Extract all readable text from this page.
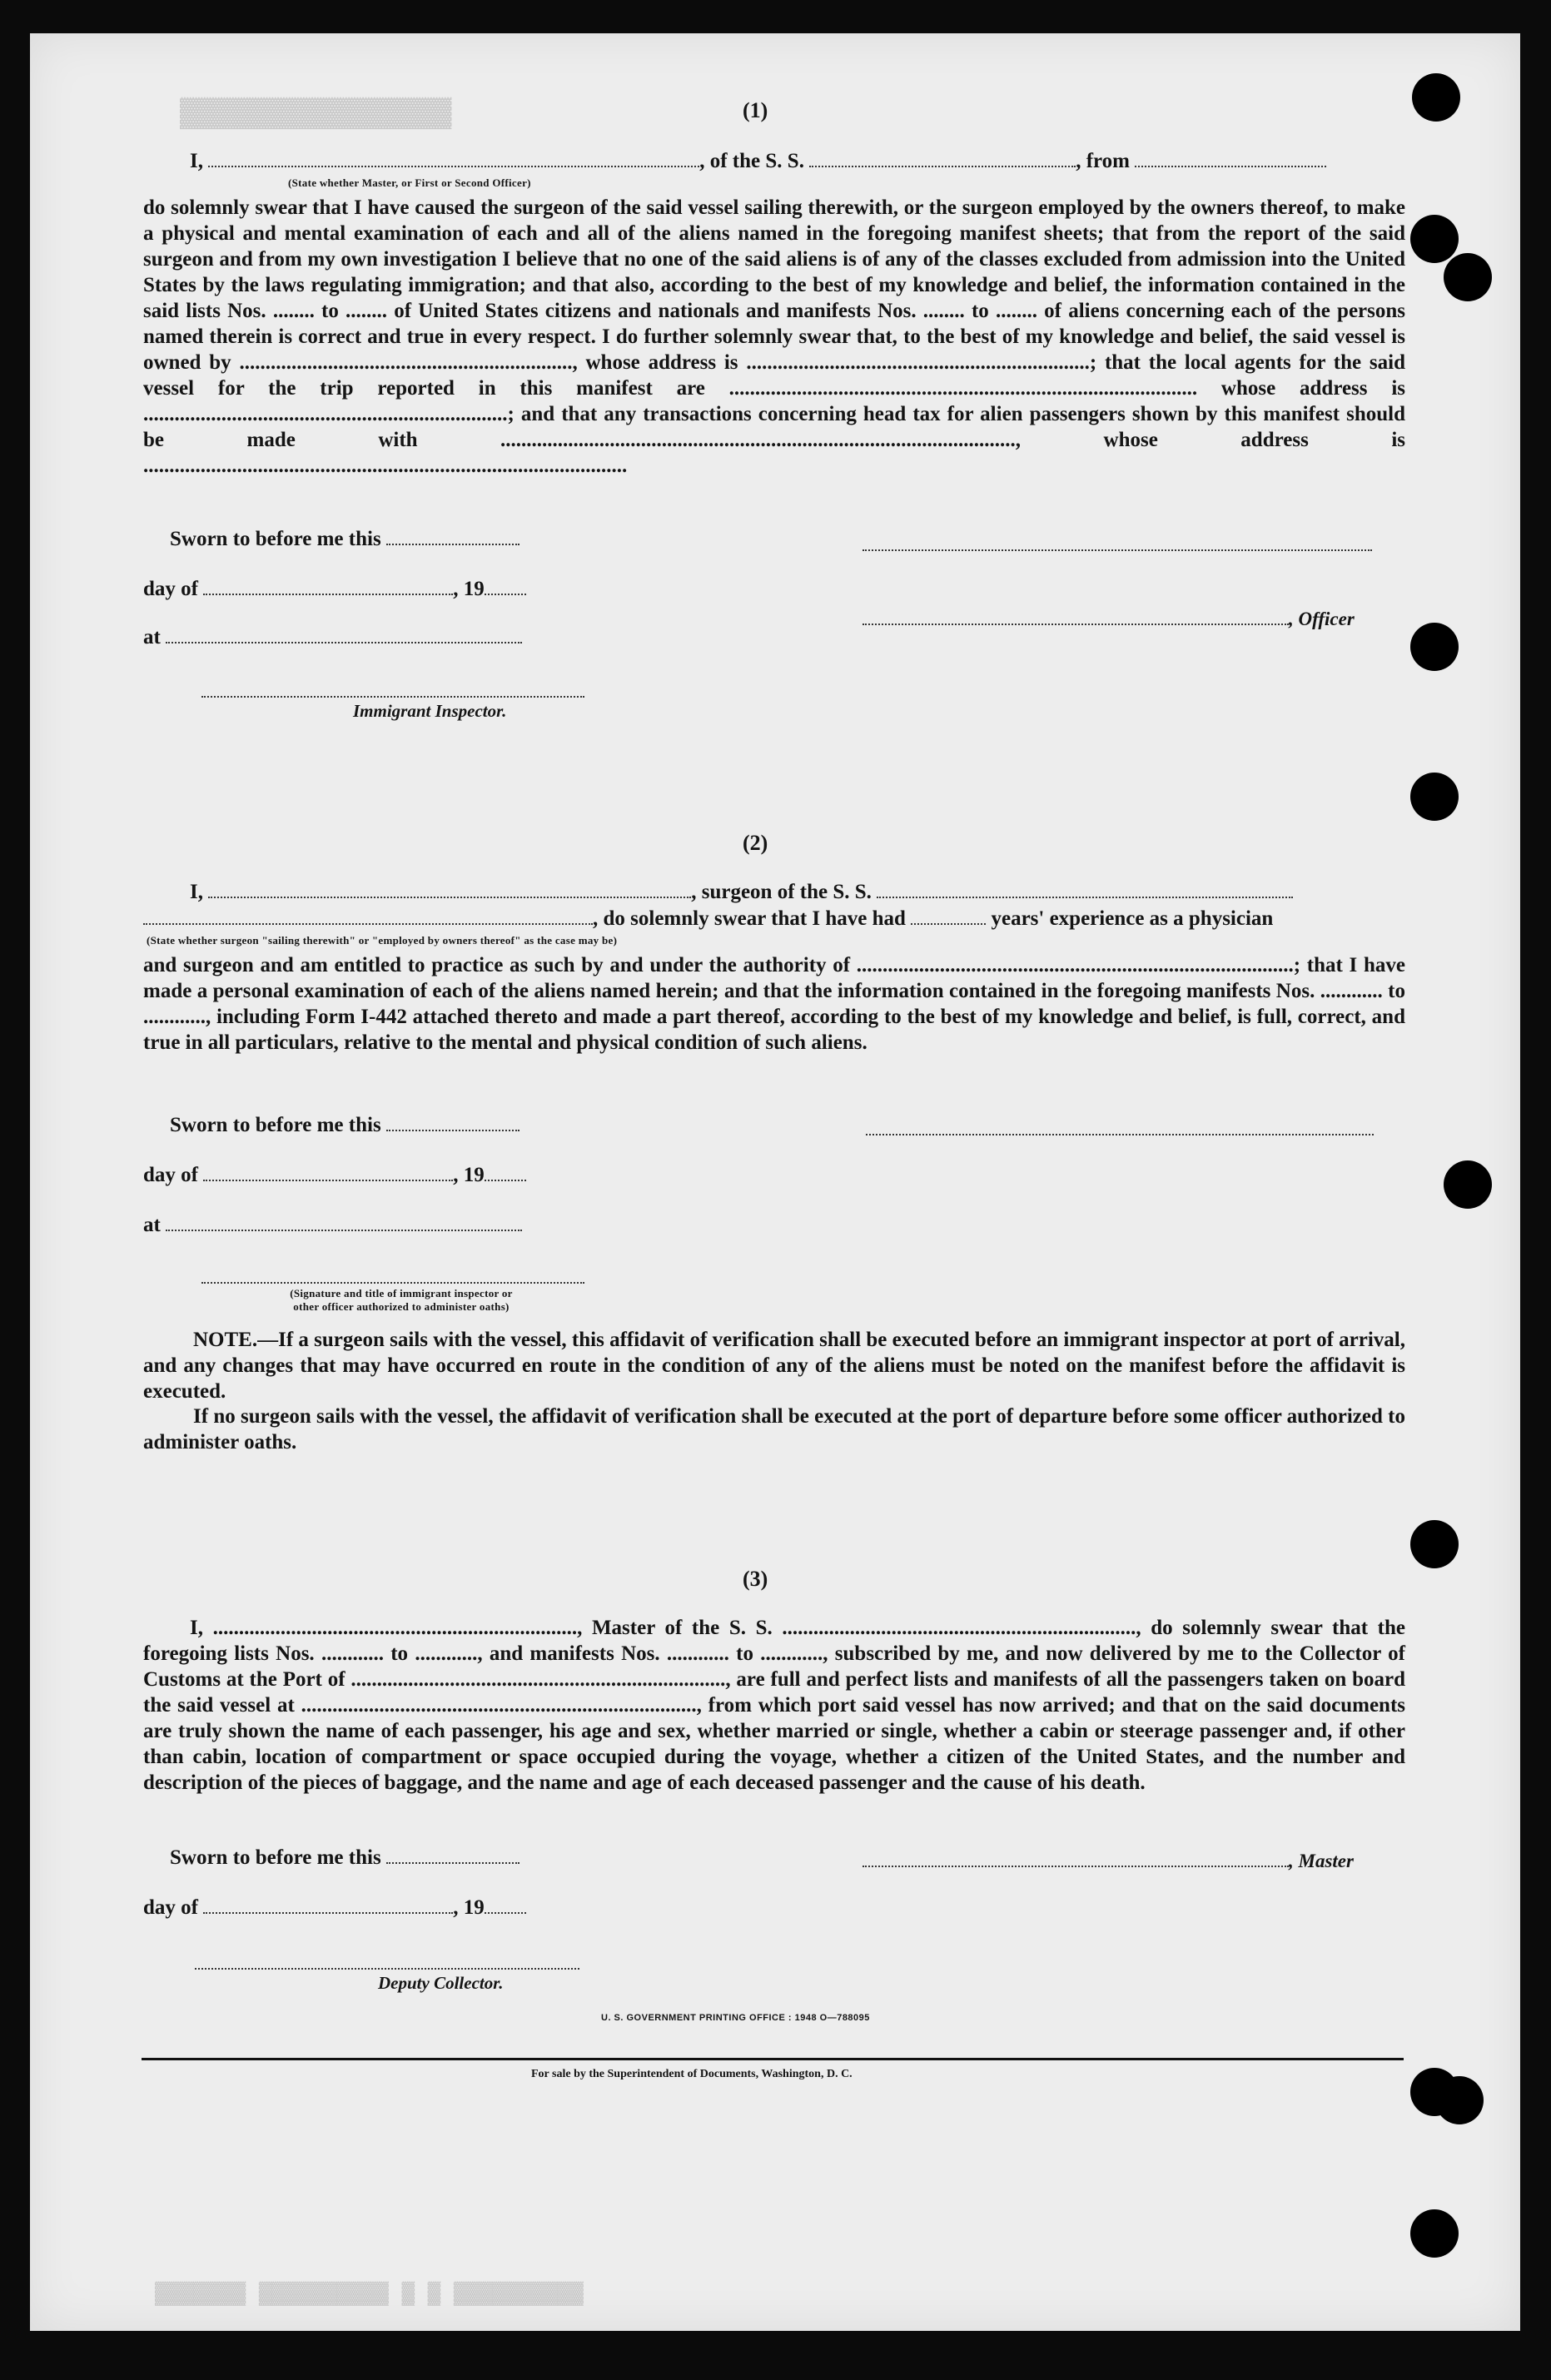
▓▓▓▓▓▓▓▓▓▓▓▓▓▓▓▓	(1)
I,	, of the S. S.	, from
(State whether Master, or First or Second Officer)
do solemnly swear that I have caused the surgeon of the said vessel sailing therewith, or the surgeon employed by the owners thereof, to make a physical and mental examination of each and all of the aliens named in the foregoing manifest sheets; that from the report of the said surgeon and from my own investigation I believe that no one of the said aliens is of any of the classes excluded from admission into the United States by the laws regulating immigration; and that also, according to the best of my knowledge and belief, the information contained in the said lists Nos. ........ to ........ of United States citizens and nationals and manifests Nos. ........ to ........ of aliens concerning each of the persons named therein is correct and true in every respect. I do further solemnly swear that, to the best of my knowledge and belief, the said vessel is owned by ................................................................, whose address is ..................................................................; that the local agents for the said vessel for the trip reported in this manifest are .......................................................................................... whose address is ......................................................................; and that any transactions concerning head tax for alien passengers shown by this manifest should be made with ..................................................................................................., whose address is .............................................................................................
Sworn to before me this
day of	, 19
, Officer
at
Immigrant Inspector.
(2)
I,	, surgeon of the S. S.
, do solemnly swear that I have had	years' experience as a physician
(State whether surgeon "sailing therewith" or "employed by owners thereof" as the case may be)
and surgeon and am entitled to practice as such by and under the authority of ....................................................................................; that I have made a personal examination of each of the aliens named herein; and that the information contained in the foregoing manifests Nos. ............ to ............, including Form I-442 attached thereto and made a part thereof, according to the best of my knowledge and belief, is full, correct, and true in all particulars, relative to the mental and physical condition of such aliens.
Sworn to before me this
day of	, 19
at
(Signature and title of immigrant inspector or
other officer authorized to administer oaths)
NOTE.—If a surgeon sails with the vessel, this affidavit of verification shall be executed before an immigrant inspector at port of arrival, and any changes that may have occurred en route in the condition of any of the aliens must be noted on the manifest before the affidavit is executed.
If no surgeon sails with the vessel, the affidavit of verification shall be executed at the port of departure before some officer authorized to administer oaths.
(3)
I, ......................................................................, Master of the S. S. ...................................................................., do solemnly swear that the foregoing lists Nos. ............ to ............, and manifests Nos. ............ to ............, subscribed by me, and now delivered by me to the Collector of Customs at the Port of ........................................................................, are full and perfect lists and manifests of all the passengers taken on board the said vessel at ............................................................................, from which port said vessel has now arrived; and that on the said documents are truly shown the name of each passenger, his age and sex, whether married or single, whether a cabin or steerage passenger and, if other than cabin, location of compartment or space occupied during the voyage, whether a citizen of the United States, and the number and description of the pieces of baggage, and the name and age of each deceased passenger and the cause of his death.
Sworn to before me this	, Master
day of	, 19
Deputy Collector.
U. S. GOVERNMENT PRINTING OFFICE : 1948 O—788095
For sale by the Superintendent of Documents, Washington, D. C.
▓▓▓▓▓▓▓ ▓▓▓▓▓▓▓▓▓▓ ▓ ▓ ▓▓▓▓▓▓▓▓▓▓
